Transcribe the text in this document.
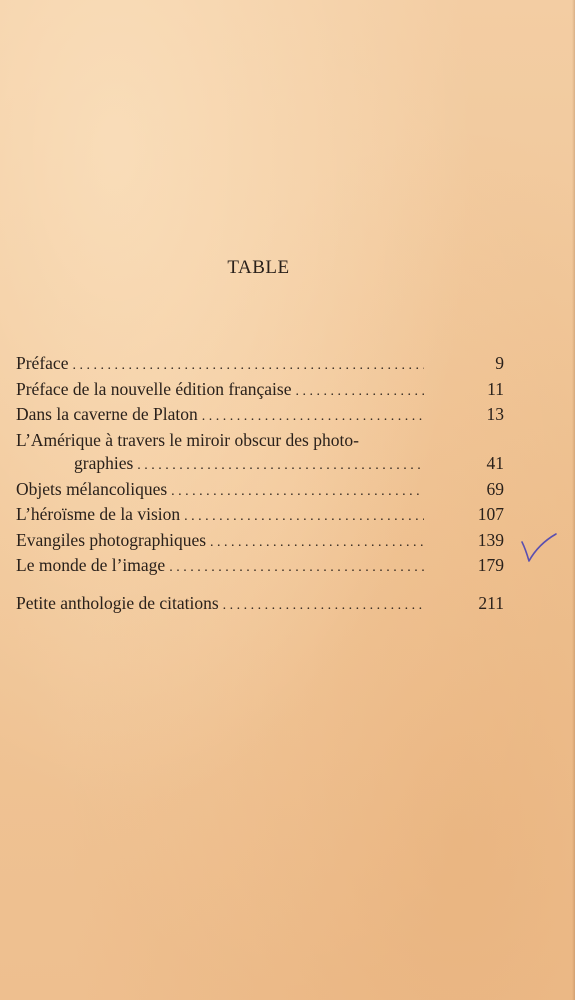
TABLE
Préface . . .	9
Préface de la nouvelle édition française . . .	11
Dans la caverne de Platon . . .	13
L’Amérique à travers le miroir obscur des photo-
graphies . . .	41
Objets mélancoliques . . .	69
L’héroïsme de la vision . . .	107
Evangiles photographiques . . .	139
Le monde de l’image . . .	179
Petite anthologie de citations . . .	211
